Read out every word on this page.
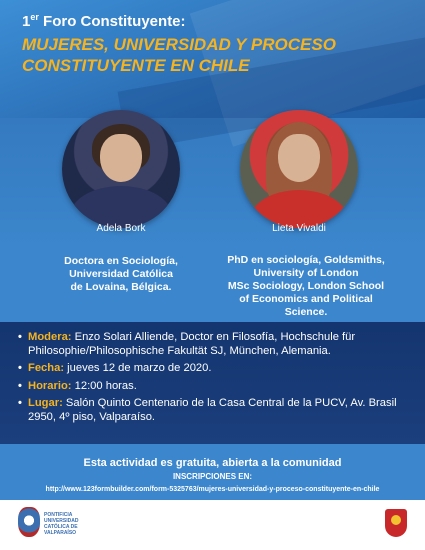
1er Foro Constituyente:
MUJERES, UNIVERSIDAD Y PROCESO
CONSTITUYENTE EN CHILE
Adela Bork	Lieta Vivaldi
Doctora en Sociología,
Universidad Católica
de Lovaina, Bélgica.
PhD en sociología, Goldsmiths,
University of London
MSc Sociology, London School
of Economics and Political
Science.
• Modera: Enzo Solari Alliende, Doctor en Filosofía, Hochschule für Philosophie/Philosophische Fakultät SJ, München, Alemania.
• Fecha: jueves 12 de marzo de 2020.
• Horario: 12:00 horas.
• Lugar: Salón Quinto Centenario de la Casa Central de la PUCV, Av. Brasil 2950, 4º piso, Valparaíso.
Esta actividad es gratuita, abierta a la comunidad
INSCRIPCIONES EN:
http://www.123formbuilder.com/form-5325763/mujeres-universidad-y-proceso-constituyente-en-chile
PONTIFICIA
UNIVERSIDAD
CATÓLICA DE
VALPARAÍSO
